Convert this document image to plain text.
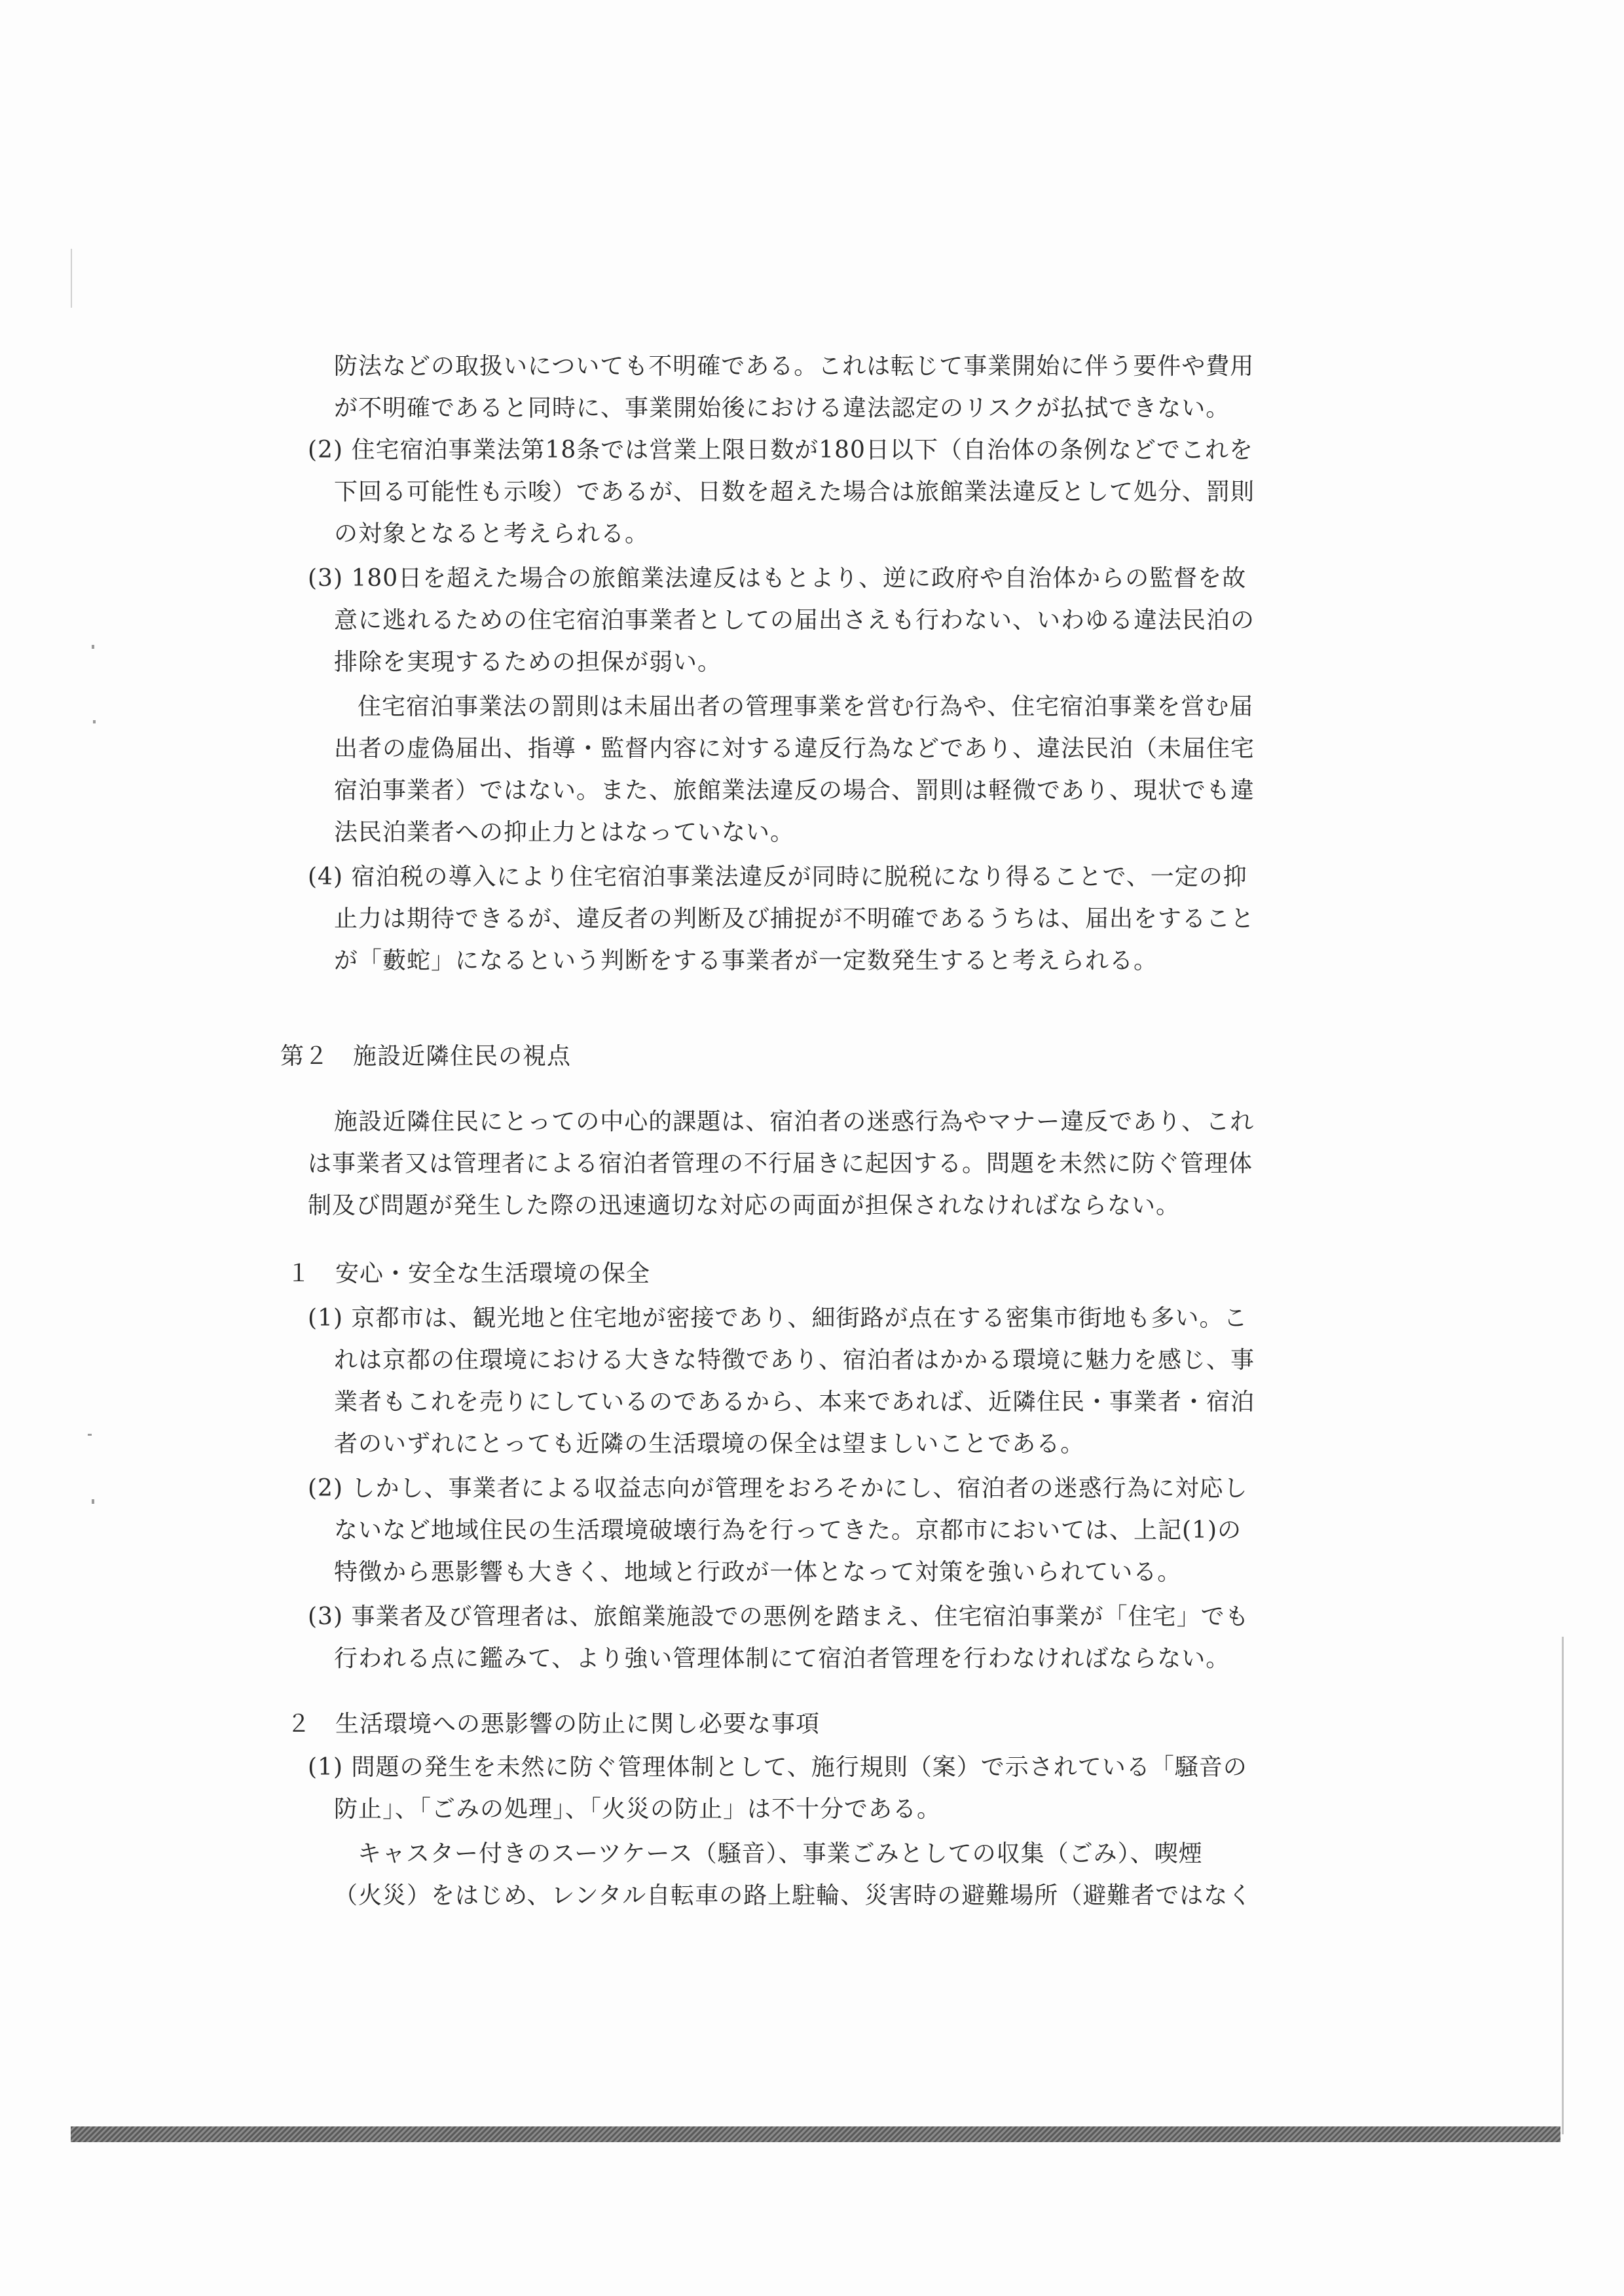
防法などの取扱いについても不明確である。これは転じて事業開始に伴う要件や費用

が不明確であると同時に、事業開始後における違法認定のリスクが払拭できない。

(2) 住宅宿泊事業法第18条では営業上限日数が180日以下（自治体の条例などでこれを

下回る可能性も示唆）であるが、日数を超えた場合は旅館業法違反として処分、罰則

の対象となると考えられる。

(3) 180日を超えた場合の旅館業法違反はもとより、逆に政府や自治体からの監督を故

意に逃れるための住宅宿泊事業者としての届出さえも行わない、いわゆる違法民泊の

排除を実現するための担保が弱い。

住宅宿泊事業法の罰則は未届出者の管理事業を営む行為や、住宅宿泊事業を営む届

出者の虚偽届出、指導・監督内容に対する違反行為などであり、違法民泊（未届住宅

宿泊事業者）ではない。また、旅館業法違反の場合、罰則は軽微であり、現状でも違

法民泊業者への抑止力とはなっていない。

(4) 宿泊税の導入により住宅宿泊事業法違反が同時に脱税になり得ることで、一定の抑

止力は期待できるが、違反者の判断及び捕捉が不明確であるうちは、届出をすること

が「藪蛇」になるという判断をする事業者が一定数発生すると考えられる。

第２　施設近隣住民の視点

施設近隣住民にとっての中心的課題は、宿泊者の迷惑行為やマナー違反であり、これ

は事業者又は管理者による宿泊者管理の不行届きに起因する。問題を未然に防ぐ管理体

制及び問題が発生した際の迅速適切な対応の両面が担保されなければならない。

１　安心・安全な生活環境の保全

(1) 京都市は、観光地と住宅地が密接であり、細街路が点在する密集市街地も多い。こ

れは京都の住環境における大きな特徴であり、宿泊者はかかる環境に魅力を感じ、事

業者もこれを売りにしているのであるから、本来であれば、近隣住民・事業者・宿泊

者のいずれにとっても近隣の生活環境の保全は望ましいことである。

(2) しかし、事業者による収益志向が管理をおろそかにし、宿泊者の迷惑行為に対応し

ないなど地域住民の生活環境破壊行為を行ってきた。京都市においては、上記(1)の

特徴から悪影響も大きく、地域と行政が一体となって対策を強いられている。

(3) 事業者及び管理者は、旅館業施設での悪例を踏まえ、住宅宿泊事業が「住宅」でも

行われる点に鑑みて、より強い管理体制にて宿泊者管理を行わなければならない。

２　生活環境への悪影響の防止に関し必要な事項

(1) 問題の発生を未然に防ぐ管理体制として、施行規則（案）で示されている「騒音の

防止」、「ごみの処理」、「火災の防止」は不十分である。

キャスター付きのスーツケース（騒音）、事業ごみとしての収集（ごみ）、喫煙

（火災）をはじめ、レンタル自転車の路上駐輪、災害時の避難場所（避難者ではなく
